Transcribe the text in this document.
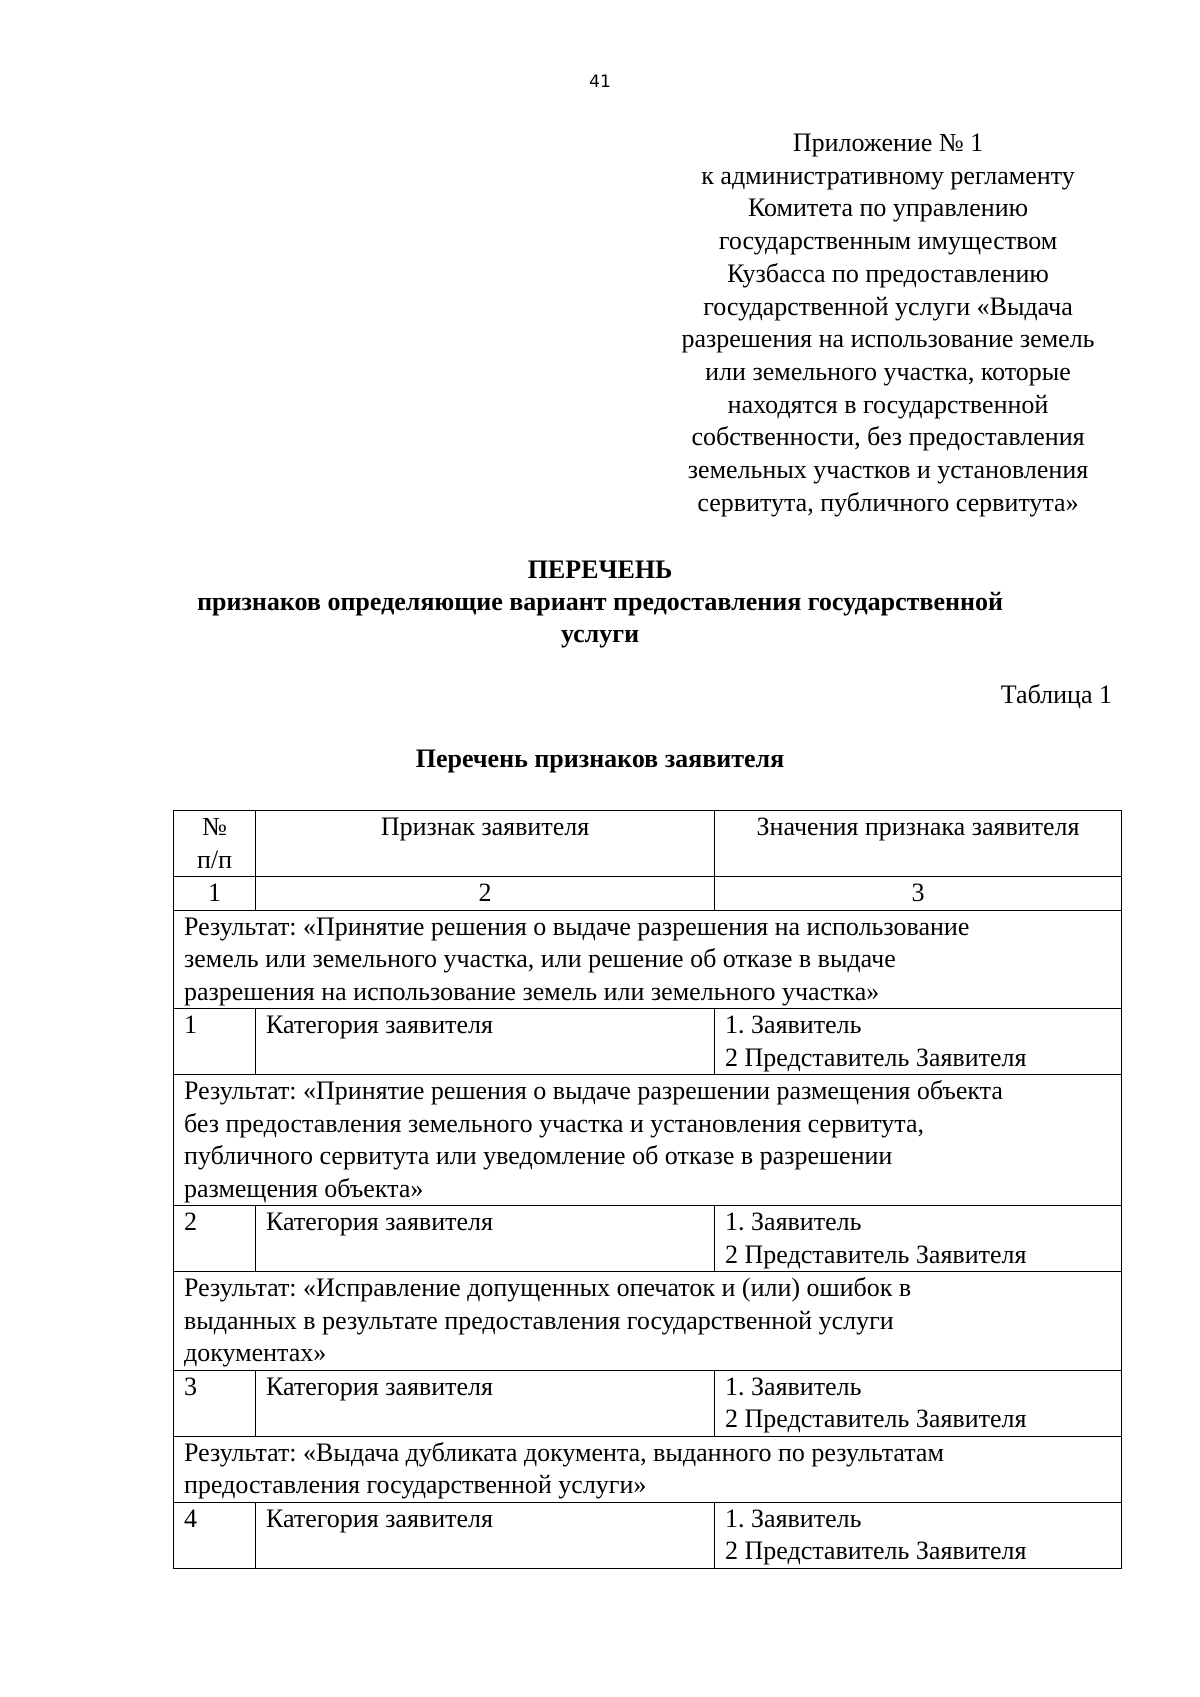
41
Приложение № 1
к административному регламенту
Комитета по управлению
государственным имуществом
Кузбасса по предоставлению
государственной услуги «Выдача
разрешения на использование земель
или земельного участка, которые
находятся в государственной
собственности, без предоставления
земельных участков и установления
сервитута, публичного сервитута»
ПЕРЕЧЕНЬ
признаков определяющие вариант предоставления государственной
услуги
Таблица 1
Перечень признаков заявителя
№
п/п	Признак заявителя	Значения признака заявителя
1	2	3

Результат: «Принятие решения о выдаче разрешения на использование
земель или земельного участка, или решение об отказе в выдаче
разрешения на использование земель или земельного участка»		

1	Категория заявителя	1. Заявитель
2 Представитель Заявителя

Результат: «Принятие решения о выдаче разрешении размещения объекта
без предоставления земельного участка и установления сервитута,
публичного сервитута или уведомление об отказе в разрешении
размещения объекта»		

2	Категория заявителя	1. Заявитель
2 Представитель Заявителя

Результат: «Исправление допущенных опечаток и (или) ошибок в
выданных в результате предоставления государственной услуги
документах»		

3	Категория заявителя	1. Заявитель
2 Представитель Заявителя

Результат: «Выдача дубликата документа, выданного по результатам
предоставления государственной услуги»		

4	Категория заявителя	1. Заявитель
2 Представитель Заявителя
